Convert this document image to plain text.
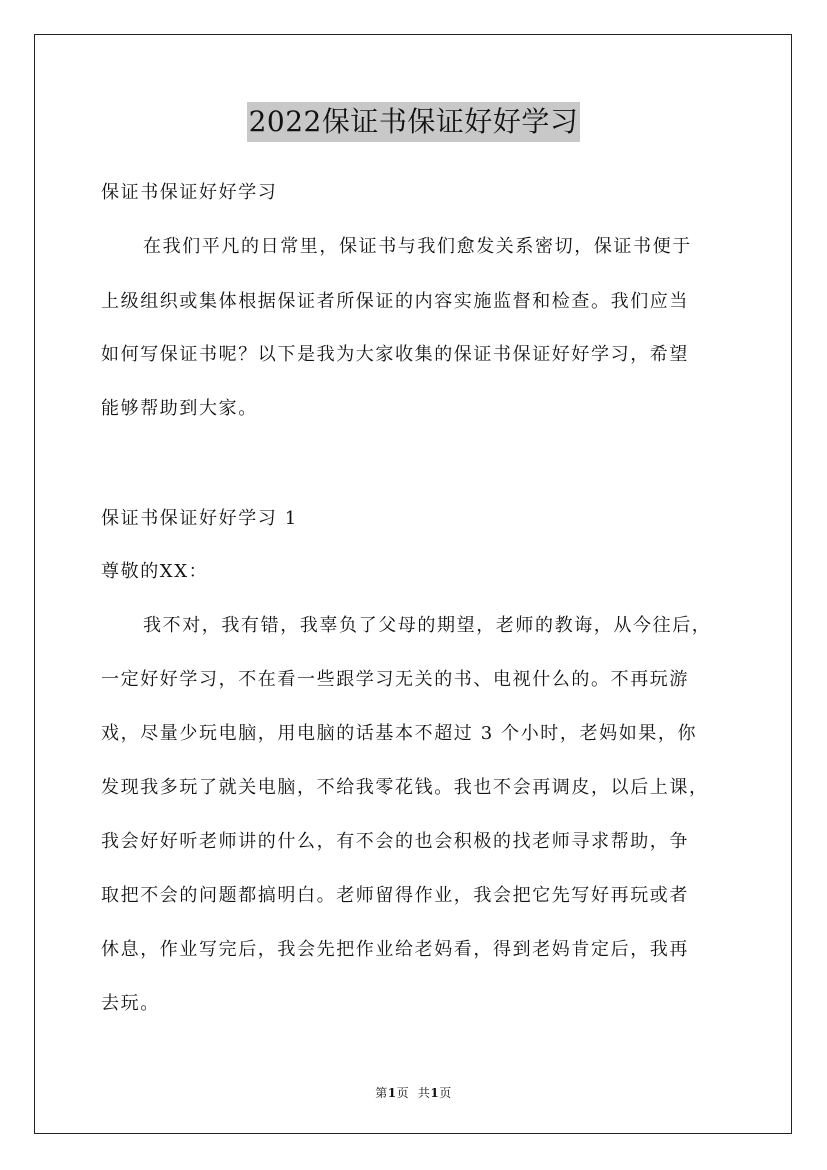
2022保证书保证好好学习
保证书保证好好学习
在我们平凡的日常里，保证书与我们愈发关系密切，保证书便于
上级组织或集体根据保证者所保证的内容实施监督和检查。我们应当
如何写保证书呢？以下是我为大家收集的保证书保证好好学习，希望
能够帮助到大家。
保证书保证好好学习 1
尊敬的XX：
我不对，我有错，我辜负了父母的期望，老师的教诲，从今往后，
一定好好学习，不在看一些跟学习无关的书、电视什么的。不再玩游
戏，尽量少玩电脑，用电脑的话基本不超过 3 个小时，老妈如果，你
发现我多玩了就关电脑，不给我零花钱。我也不会再调皮，以后上课，
我会好好听老师讲的什么，有不会的也会积极的找老师寻求帮助，争
取把不会的问题都搞明白。老师留得作业，我会把它先写好再玩或者
休息，作业写完后，我会先把作业给老妈看，得到老妈肯定后，我再
去玩。
第1页 共1页
